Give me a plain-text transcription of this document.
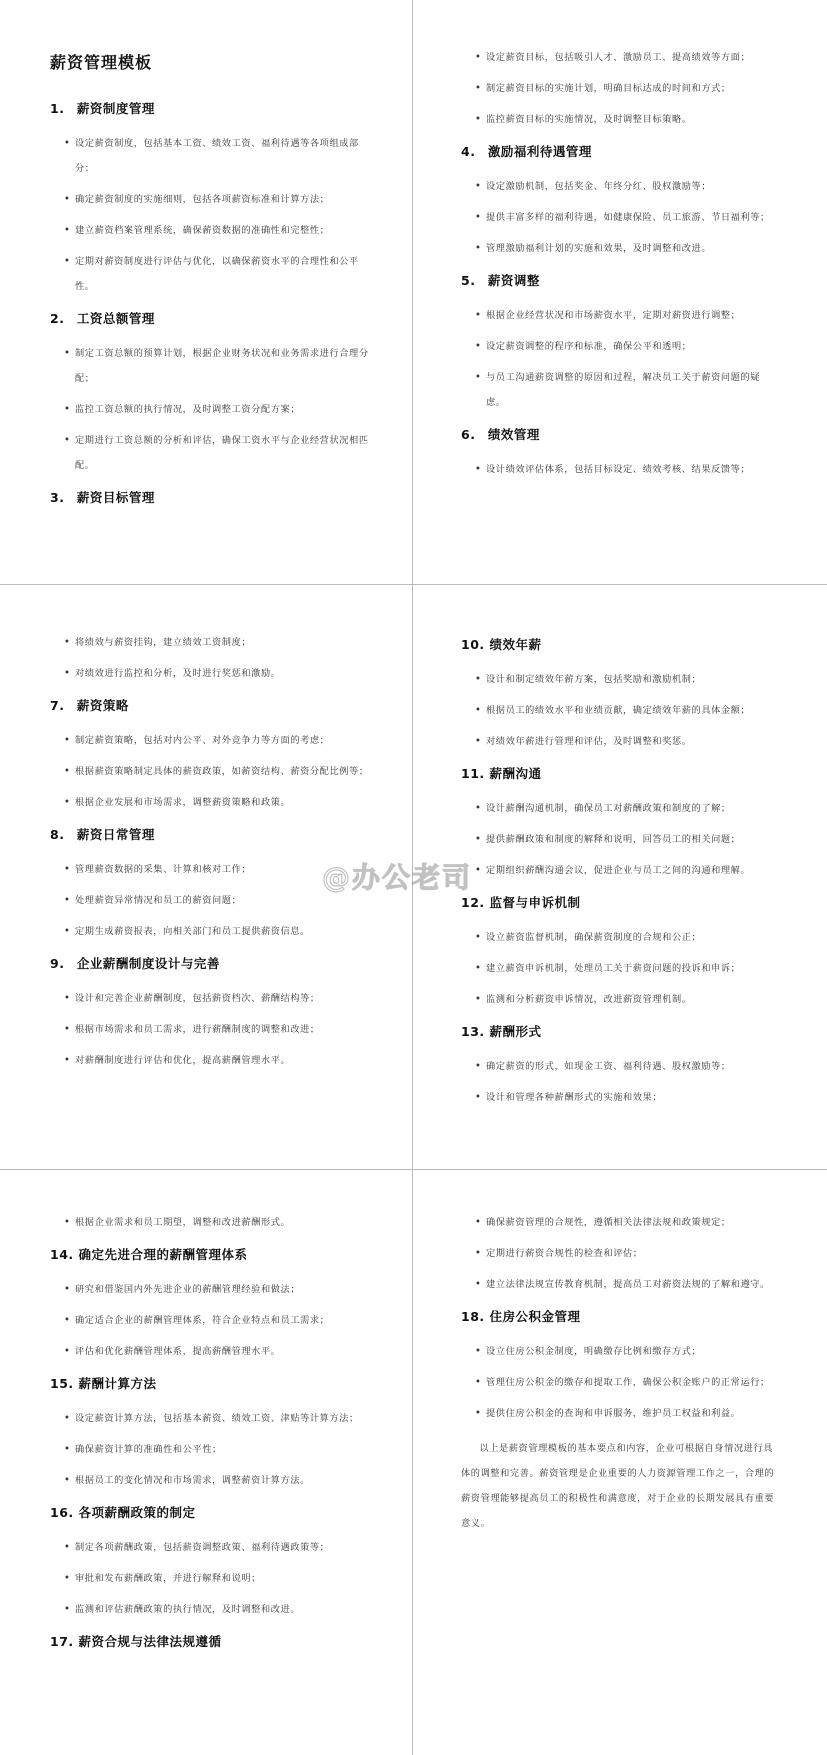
薪资管理模板
1. 薪资制度管理
• 设定薪资制度，包括基本工资、绩效工资、福利待遇等各项组成部分；
• 确定薪资制度的实施细则，包括各项薪资标准和计算方法；
• 建立薪资档案管理系统，确保薪资数据的准确性和完整性；
• 定期对薪资制度进行评估与优化，以确保薪资水平的合理性和公平性。
2. 工资总额管理
• 制定工资总额的预算计划，根据企业财务状况和业务需求进行合理分配；
• 监控工资总额的执行情况，及时调整工资分配方案；
• 定期进行工资总额的分析和评估，确保工资水平与企业经营状况相匹配。
3. 薪资目标管理
• 设定薪资目标，包括吸引人才、激励员工、提高绩效等方面；
• 制定薪资目标的实施计划，明确目标达成的时间和方式；
• 监控薪资目标的实施情况，及时调整目标策略。
4. 激励福利待遇管理
• 设定激励机制，包括奖金、年终分红、股权激励等；
• 提供丰富多样的福利待遇，如健康保险、员工旅游、节日福利等；
• 管理激励福利计划的实施和效果，及时调整和改进。
5. 薪资调整
• 根据企业经营状况和市场薪资水平，定期对薪资进行调整；
• 设定薪资调整的程序和标准，确保公平和透明；
• 与员工沟通薪资调整的原因和过程，解决员工关于薪资问题的疑虑。
6. 绩效管理
• 设计绩效评估体系，包括目标设定、绩效考核、结果反馈等；
• 将绩效与薪资挂钩，建立绩效工资制度；
• 对绩效进行监控和分析，及时进行奖惩和激励。
7. 薪资策略
• 制定薪资策略，包括对内公平、对外竞争力等方面的考虑；
• 根据薪资策略制定具体的薪资政策，如薪资结构、薪资分配比例等；
• 根据企业发展和市场需求，调整薪资策略和政策。
8. 薪资日常管理
• 管理薪资数据的采集、计算和核对工作；
• 处理薪资异常情况和员工的薪资问题；
• 定期生成薪资报表，向相关部门和员工提供薪资信息。
9. 企业薪酬制度设计与完善
• 设计和完善企业薪酬制度，包括薪资档次、薪酬结构等；
• 根据市场需求和员工需求，进行薪酬制度的调整和改进；
• 对薪酬制度进行评估和优化，提高薪酬管理水平。
10. 绩效年薪
• 设计和制定绩效年薪方案，包括奖励和激励机制；
• 根据员工的绩效水平和业绩贡献，确定绩效年薪的具体金额；
• 对绩效年薪进行管理和评估，及时调整和奖惩。
11. 薪酬沟通
• 设计薪酬沟通机制，确保员工对薪酬政策和制度的了解；
• 提供薪酬政策和制度的解释和说明，回答员工的相关问题；
• 定期组织薪酬沟通会议，促进企业与员工之间的沟通和理解。
12. 监督与申诉机制
• 设立薪资监督机制，确保薪资制度的合规和公正；
• 建立薪资申诉机制，处理员工关于薪资问题的投诉和申诉；
• 监测和分析薪资申诉情况，改进薪资管理机制。
13. 薪酬形式
• 确定薪资的形式，如现金工资、福利待遇、股权激励等；
• 设计和管理各种薪酬形式的实施和效果；
• 根据企业需求和员工期望，调整和改进薪酬形式。
14. 确定先进合理的薪酬管理体系
• 研究和借鉴国内外先进企业的薪酬管理经验和做法；
• 确定适合企业的薪酬管理体系，符合企业特点和员工需求；
• 评估和优化薪酬管理体系，提高薪酬管理水平。
15. 薪酬计算方法
• 设定薪资计算方法，包括基本薪资、绩效工资、津贴等计算方法；
• 确保薪资计算的准确性和公平性；
• 根据员工的变化情况和市场需求，调整薪资计算方法。
16. 各项薪酬政策的制定
• 制定各项薪酬政策，包括薪资调整政策、福利待遇政策等；
• 审批和发布薪酬政策，并进行解释和说明；
• 监测和评估薪酬政策的执行情况，及时调整和改进。
17. 薪资合规与法律法规遵循
• 确保薪资管理的合规性，遵循相关法律法规和政策规定；
• 定期进行薪资合规性的检查和评估；
• 建立法律法规宣传教育机制，提高员工对薪资法规的了解和遵守。
18. 住房公积金管理
• 设立住房公积金制度，明确缴存比例和缴存方式；
• 管理住房公积金的缴存和提取工作，确保公积金账户的正常运行；
• 提供住房公积金的查询和申诉服务，维护员工权益和利益。

以上是薪资管理模板的基本要点和内容，企业可根据自身情况进行具体的调整和完善。薪资管理是企业重要的人力资源管理工作之一，合理的薪资管理能够提高员工的积极性和满意度，对于企业的长期发展具有重要意义。

@办公老司
